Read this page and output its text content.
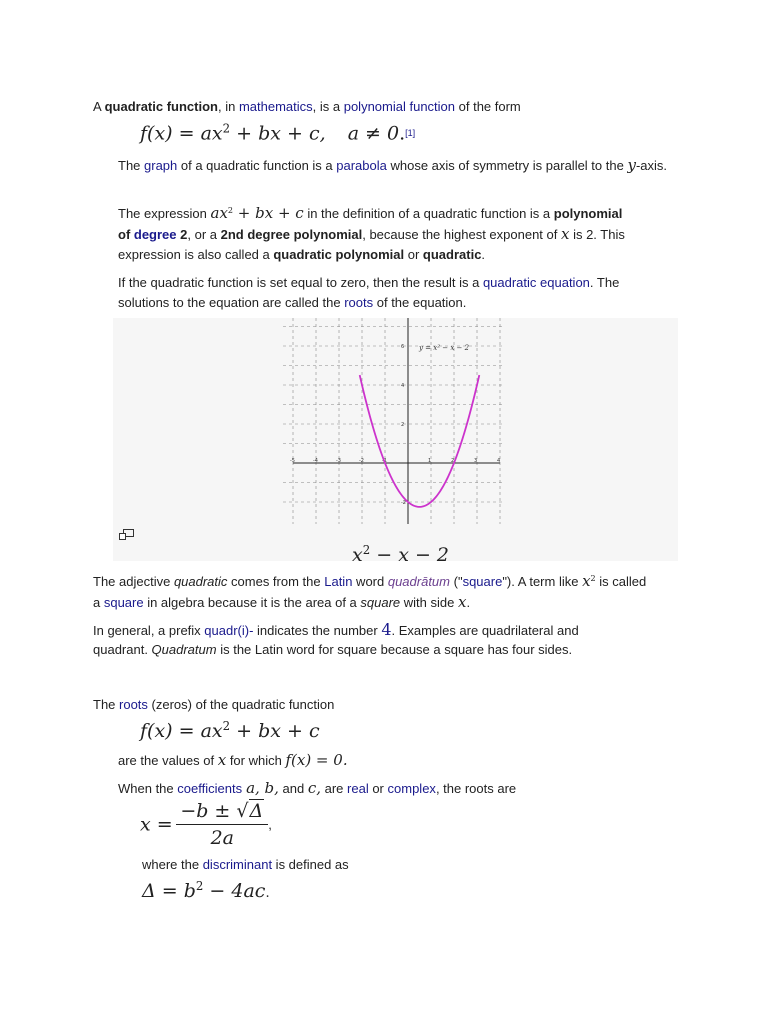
A quadratic function, in mathematics, is a polynomial function of the form
$f(x) = ax^2$ + bx + c, a ≠ 0.[1]
The graph of a quadratic function is a parabola whose axis of symmetry is parallel to the y-axis.
The expression $ax^2$ + bx + c in the definition of a quadratic function is a polynomial
of degree 2, or a 2nd degree polynomial, because the highest exponent of x is 2. This
expression is also called a quadratic polynomial or quadratic.
If the quadratic function is set equal to zero, then the result is a quadratic equation. The
solutions to the equation are called the roots of the equation.
-5	-4	-3	-2	-1	1	2	3	4
6
4
2
-2
y = x² − x − 2
$x^2 - x - 2$
The adjective quadratic comes from the Latin word quadrātum ("square"). A term like $x^2$ is called
a square in algebra because it is the area of a square with side x.
In general, a prefix quadr(i)- indicates the number 4. Examples are quadrilateral and
quadrant. Quadratum is the Latin word for square because a square has four sides.
The roots (zeros) of the quadratic function
$f(x) = ax^2$ + bx + c
are the values of x for which f(x) = 0.
When the coefficients a, b, and c, are real or complex, the roots are
$x = \frac{-b \pm √\Delta}{2a}$ ,
where the discriminant is defined as
$\Delta = b^2 - 4ac$.
